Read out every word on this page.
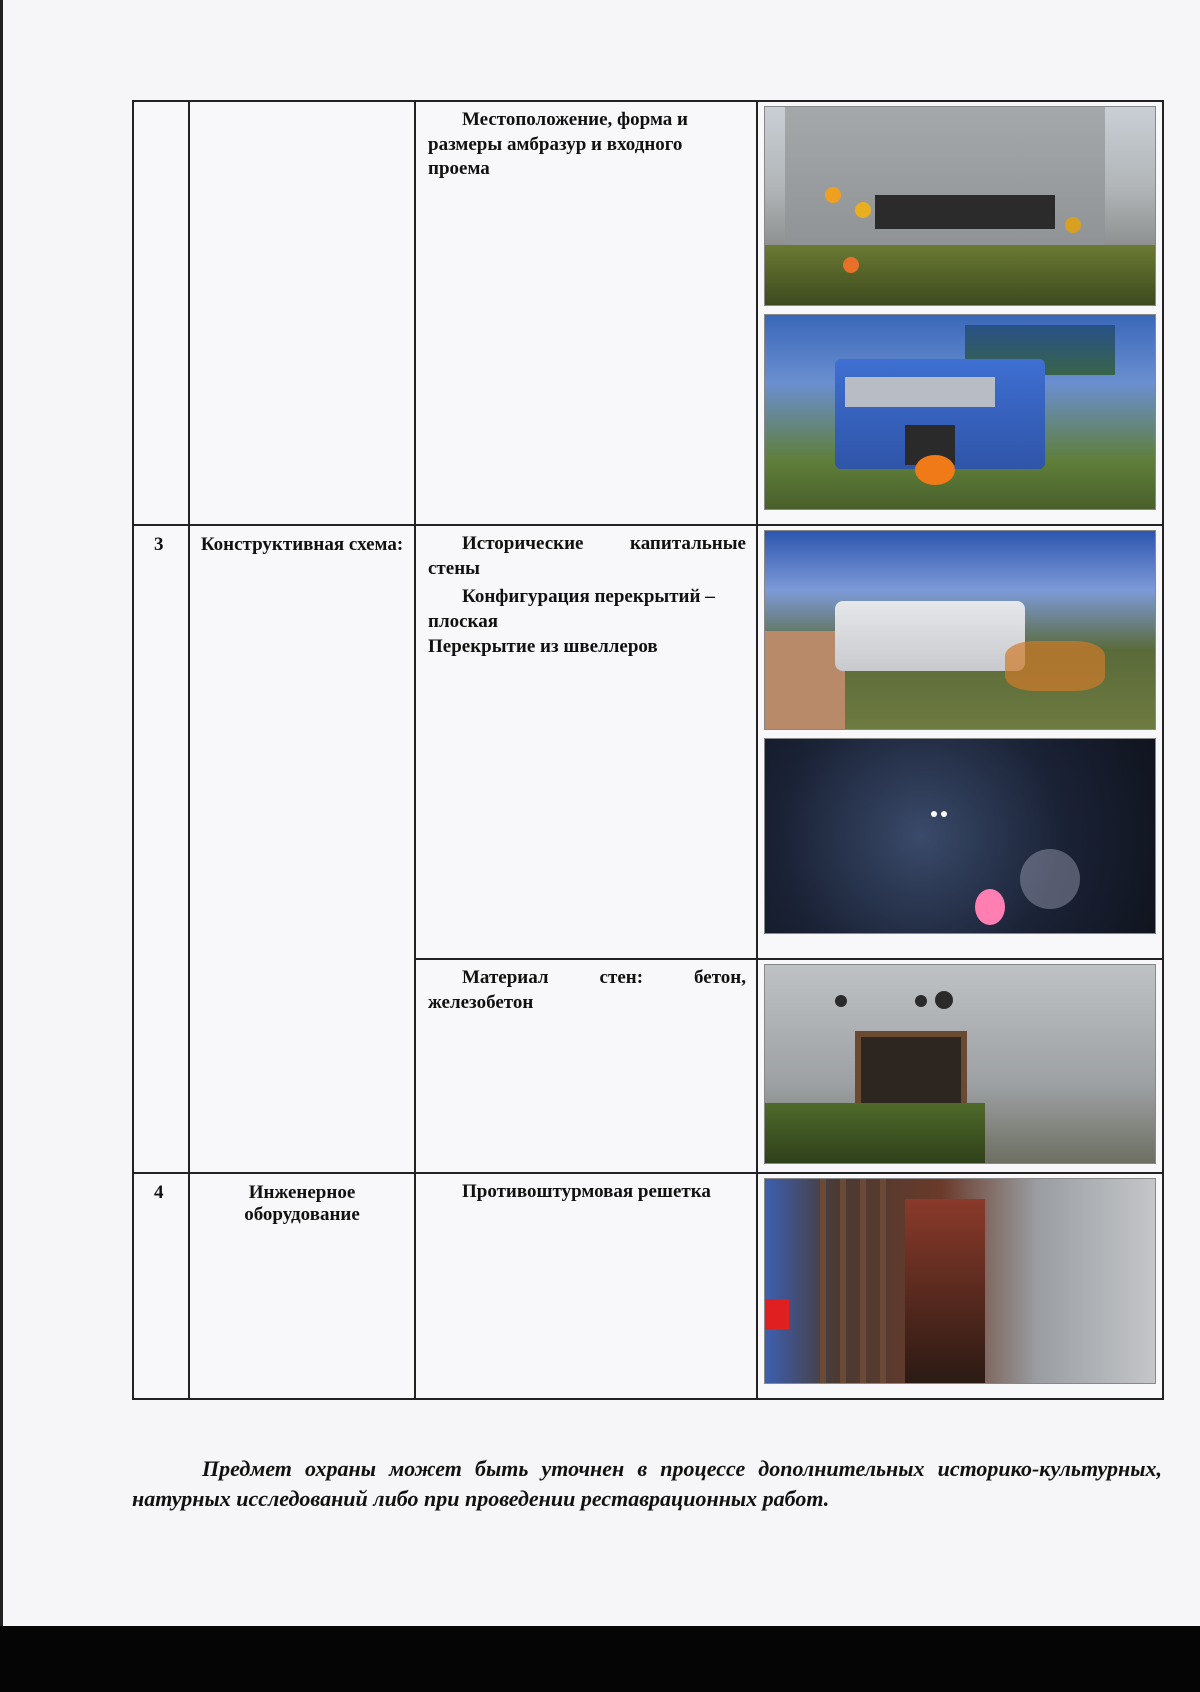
		Местоположение, форма и размеры амбразур и входного проема	

3	Конструктивная схема:	Исторические капитальные стены

Конфигурация перекрытий – плоская

Перекрытие из швеллеров	

		Материал стен: бетон, железобетон	

4	Инженерное оборудование	Противоштурмовая решетка	

Предмет охраны может быть уточнен в процессе дополнительных историко-культурных, натурных исследований либо при проведении реставрационных работ.
